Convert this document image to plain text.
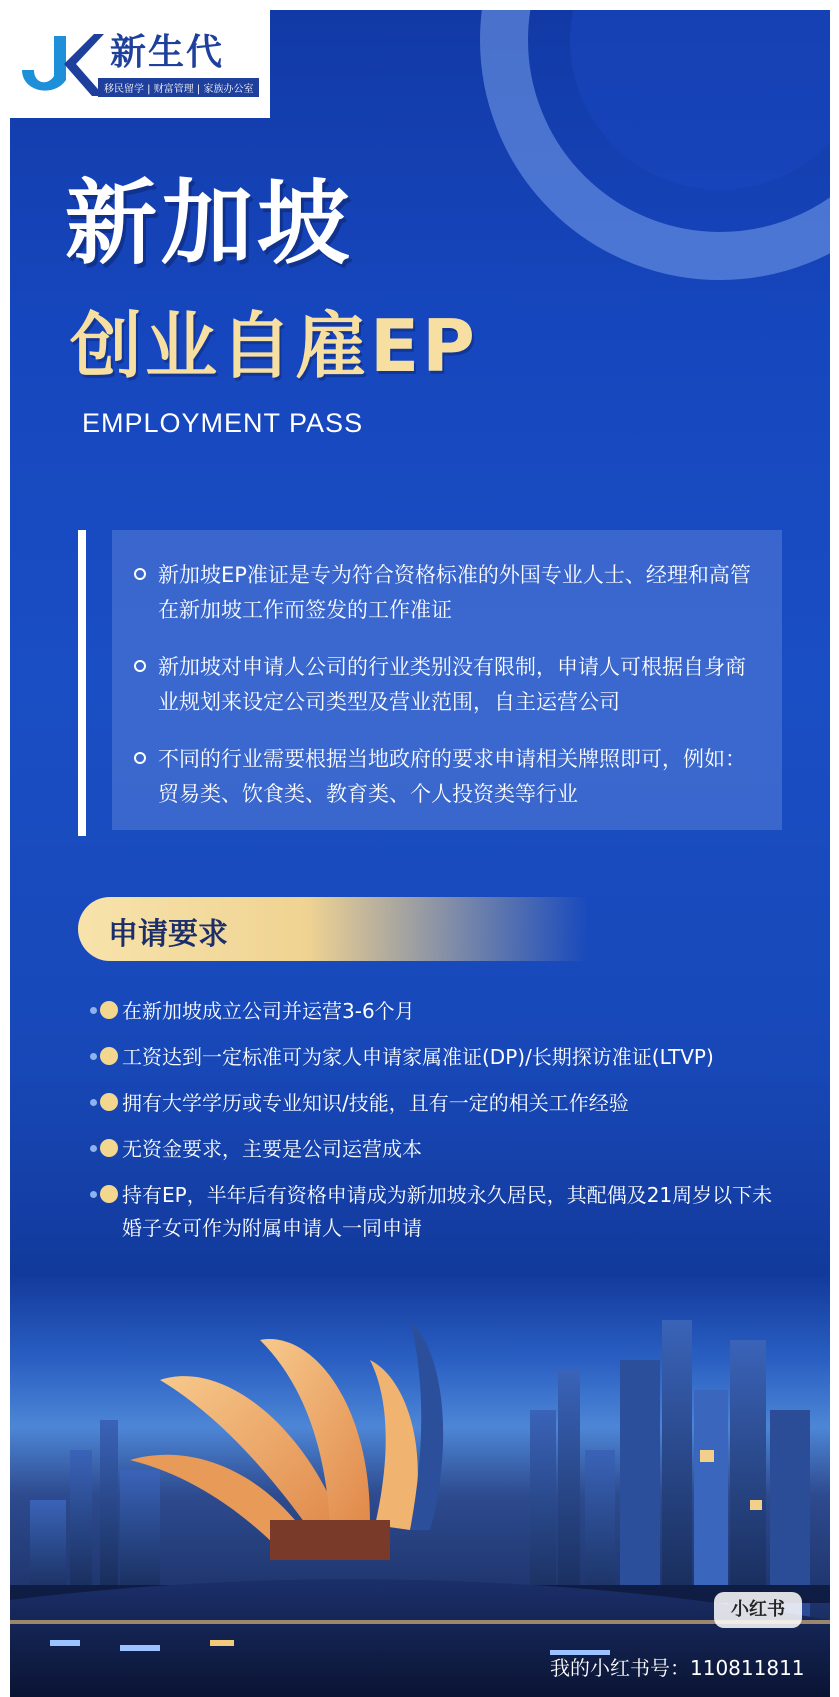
新生代
移民留学 | 财富管理 | 家族办公室
新加坡
创业自雇EP
EMPLOYMENT PASS
新加坡EP准证是专为符合资格标准的外国专业人士、经理和高管在新加坡工作而签发的工作准证
新加坡对申请人公司的行业类别没有限制，申请人可根据自身商业规划来设定公司类型及营业范围，自主运营公司
不同的行业需要根据当地政府的要求申请相关牌照即可，例如：贸易类、饮食类、教育类、个人投资类等行业
申请要求
在新加坡成立公司并运营3-6个月
工资达到一定标准可为家人申请家属准证(DP)/长期探访准证(LTVP)
拥有大学学历或专业知识/技能，且有一定的相关工作经验
无资金要求，主要是公司运营成本
持有EP，半年后有资格申请成为新加坡永久居民，其配偶及21周岁以下未婚子女可作为附属申请人一同申请
小红书
我的小红书号：110811811
